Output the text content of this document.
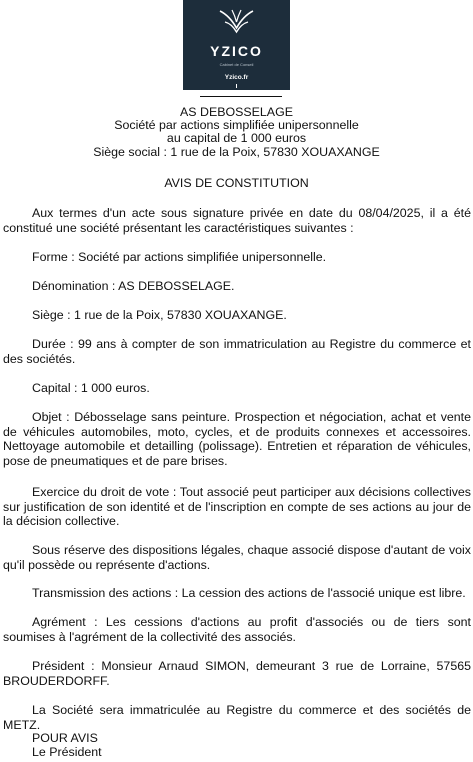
YZICO
Cabinet de Conseil
Yzico.fr
AS DEBOSSELAGE
Société par actions simplifiée unipersonnelle
au capital de 1 000 euros
Siège social : 1 rue de la Poix, 57830 XOUAXANGE
AVIS DE CONSTITUTION

Aux termes d'un acte sous signature privée en date du 08/04/2025, il a été constitué une société présentant les caractéristiques suivantes :

Forme : Société par actions simplifiée unipersonnelle.

Dénomination : AS DEBOSSELAGE.

Siège : 1 rue de la Poix, 57830 XOUAXANGE.

Durée : 99 ans à compter de son immatriculation au Registre du commerce et des sociétés.

Capital : 1 000 euros.

Objet : Débosselage sans peinture. Prospection et négociation, achat et vente de véhicules automobiles, moto, cycles, et de produits connexes et accessoires. Nettoyage automobile et detailling (polissage). Entretien et réparation de véhicules, pose de pneumatiques et de pare brises.

Exercice du droit de vote : Tout associé peut participer aux décisions collectives sur justification de son identité et de l'inscription en compte de ses actions au jour de la décision collective.

Sous réserve des dispositions légales, chaque associé dispose d'autant de voix qu'il possède ou représente d'actions.

Transmission des actions : La cession des actions de l'associé unique est libre.

Agrément : Les cessions d'actions au profit d'associés ou de tiers sont soumises à l'agrément de la collectivité des associés.

Président : Monsieur Arnaud SIMON, demeurant 3 rue de Lorraine, 57565 BROUDERDORFF.

La Société sera immatriculée au Registre du commerce et des sociétés de METZ.

POUR AVIS
Le Président
